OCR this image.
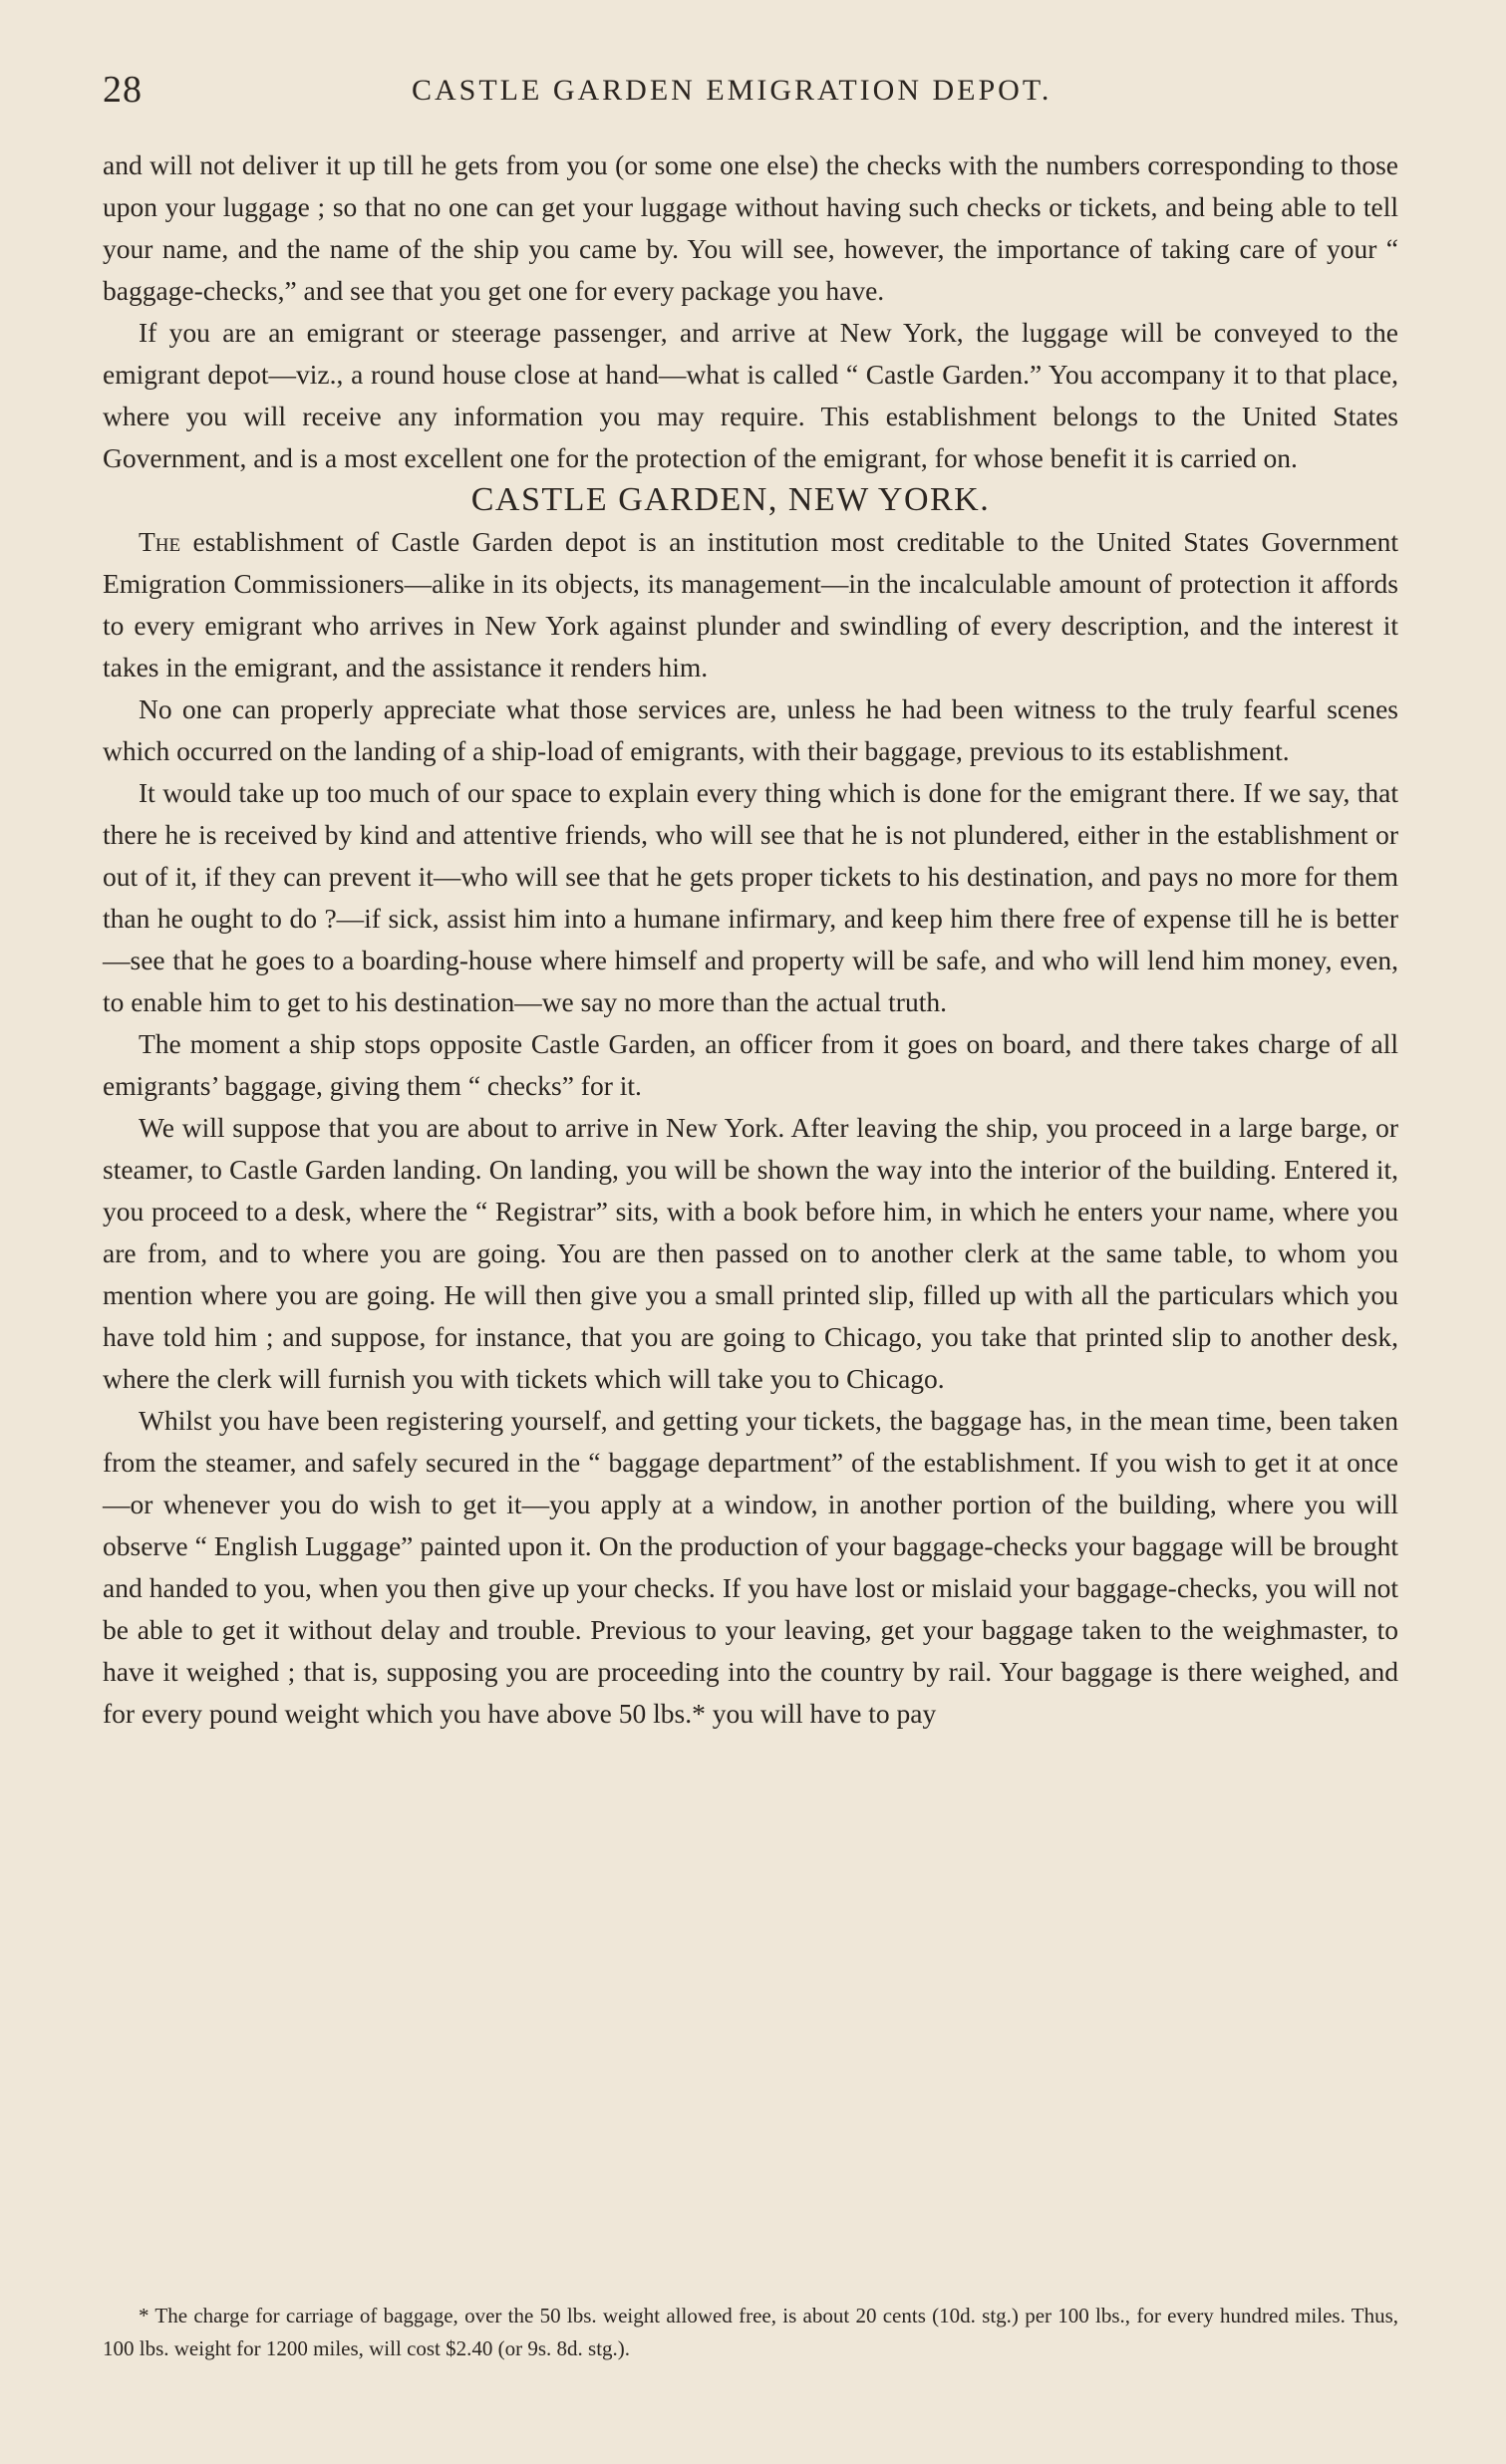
28	CASTLE GARDEN EMIGRATION DEPOT.

and will not deliver it up till he gets from you (or some one else) the checks with the numbers corresponding to those upon your luggage ; so that no one can get your luggage without having such checks or tickets, and being able to tell your name, and the name of the ship you came by. You will see, however, the importance of taking care of your “ baggage-checks,” and see that you get one for every package you have.

If you are an emigrant or steerage passenger, and arrive at New York, the luggage will be conveyed to the emigrant depot—viz., a round house close at hand—what is called “ Castle Garden.” You accompany it to that place, where you will receive any information you may require. This establishment belongs to the United States Government, and is a most excellent one for the protection of the emigrant, for whose benefit it is carried on.

CASTLE GARDEN, NEW YORK.

The establishment of Castle Garden depot is an institution most creditable to the United States Government Emigration Commissioners—alike in its objects, its management—in the incalculable amount of protection it affords to every emigrant who arrives in New York against plunder and swindling of every description, and the interest it takes in the emigrant, and the assistance it renders him.

No one can properly appreciate what those services are, unless he had been witness to the truly fearful scenes which occurred on the landing of a ship-load of emigrants, with their baggage, previous to its establishment.

It would take up too much of our space to explain every thing which is done for the emigrant there. If we say, that there he is received by kind and attentive friends, who will see that he is not plundered, either in the establishment or out of it, if they can prevent it—who will see that he gets proper tickets to his destination, and pays no more for them than he ought to do ?—if sick, assist him into a humane infirmary, and keep him there free of expense till he is better—see that he goes to a boarding-house where himself and property will be safe, and who will lend him money, even, to enable him to get to his destination—we say no more than the actual truth.

The moment a ship stops opposite Castle Garden, an officer from it goes on board, and there takes charge of all emigrants’ baggage, giving them “ checks” for it.

We will suppose that you are about to arrive in New York. After leaving the ship, you proceed in a large barge, or steamer, to Castle Garden landing. On landing, you will be shown the way into the interior of the building. Entered it, you proceed to a desk, where the “ Registrar” sits, with a book before him, in which he enters your name, where you are from, and to where you are going. You are then passed on to another clerk at the same table, to whom you mention where you are going. He will then give you a small printed slip, filled up with all the particulars which you have told him ; and suppose, for instance, that you are going to Chicago, you take that printed slip to another desk, where the clerk will furnish you with tickets which will take you to Chicago.

Whilst you have been registering yourself, and getting your tickets, the baggage has, in the mean time, been taken from the steamer, and safely secured in the “ baggage department” of the establishment. If you wish to get it at once—or whenever you do wish to get it—you apply at a window, in another portion of the building, where you will observe “ English Luggage” painted upon it. On the production of your baggage-checks your baggage will be brought and handed to you, when you then give up your checks. If you have lost or mislaid your baggage-checks, you will not be able to get it without delay and trouble. Previous to your leaving, get your baggage taken to the weighmaster, to have it weighed ; that is, supposing you are proceeding into the country by rail. Your baggage is there weighed, and for every pound weight which you have above 50 lbs.* you will have to pay

* The charge for carriage of baggage, over the 50 lbs. weight allowed free, is about 20 cents (10d. stg.) per 100 lbs., for every hundred miles. Thus, 100 lbs. weight for 1200 miles, will cost $2.40 (or 9s. 8d. stg.).
